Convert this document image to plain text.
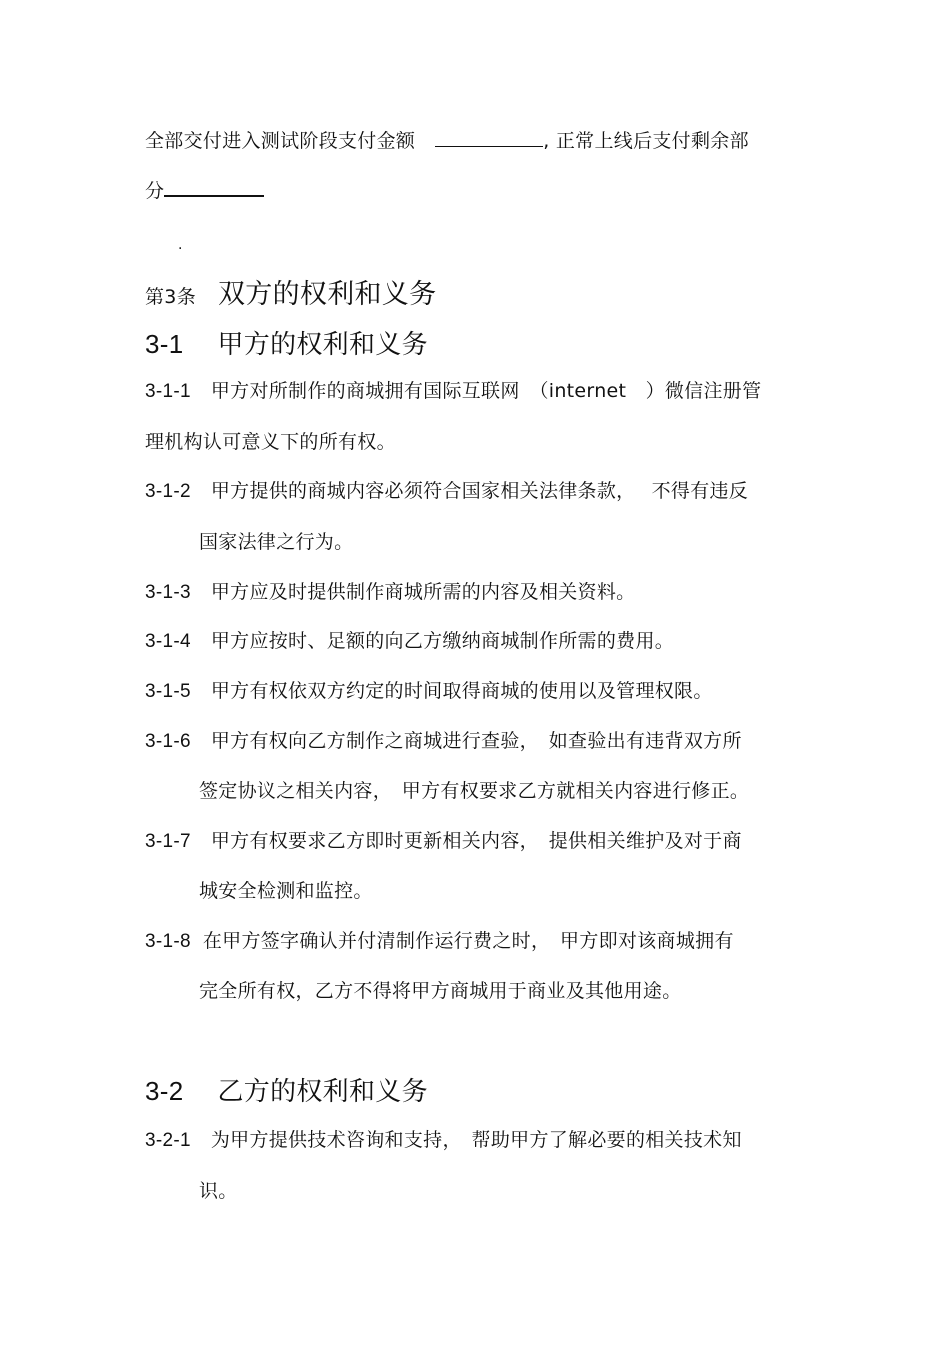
全部交付进入测试阶段支付金额	, 正常上线后支付剩余部
分
.
第3条 双方的权利和义务
3-1 甲方的权利和义务
3-1-1 甲方对所制作的商城拥有国际互联网　（internet　）微信注册管
理机构认可意义下的所有权。
3-1-2 甲方提供的商城内容必须符合国家相关法律条款，　 不得有违反
国家法律之行为。
3-1-3 甲方应及时提供制作商城所需的内容及相关资料。
3-1-4 甲方应按时、足额的向乙方缴纳商城制作所需的费用。
3-1-5 甲方有权依双方约定的时间取得商城的使用以及管理权限。
3-1-6 甲方有权向乙方制作之商城进行查验，　如查验出有违背双方所
签定协议之相关内容，　甲方有权要求乙方就相关内容进行修正。
3-1-7 甲方有权要求乙方即时更新相关内容，　提供相关维护及对于商
城安全检测和监控。
3-1-8 在甲方签字确认并付清制作运行费之时，　甲方即对该商城拥有
完全所有权，乙方不得将甲方商城用于商业及其他用途。
3-2 乙方的权利和义务
3-2-1 为甲方提供技术咨询和支持，　帮助甲方了解必要的相关技术知
识。
